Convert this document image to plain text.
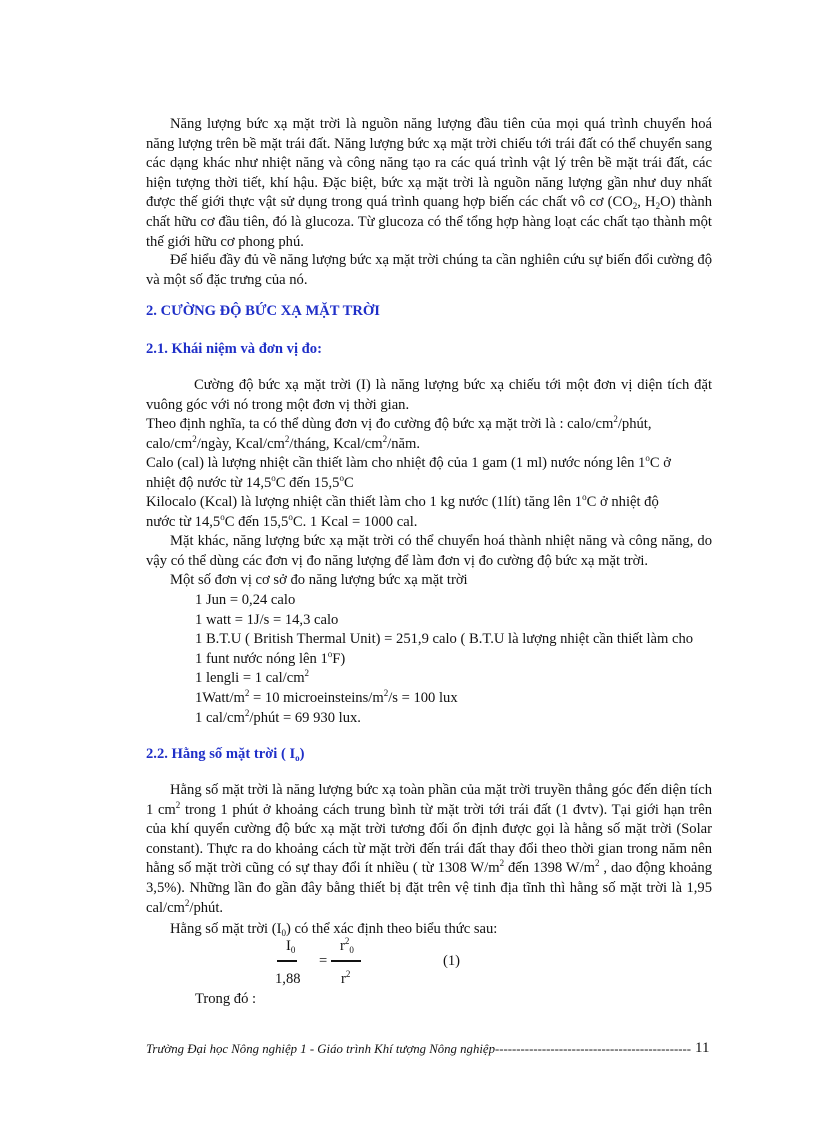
Năng lượng bức xạ mặt trời là nguồn năng lượng đầu tiên của mọi quá trình chuyển hoá năng lượng trên bề mặt trái đất. Năng lượng bức xạ mặt trời chiếu tới trái đất có thể chuyển sang các dạng khác như nhiệt năng và công năng tạo ra các quá trình vật lý trên bề mặt trái đất, các hiện tượng thời tiết, khí hậu. Đặc biệt, bức xạ mặt trời là nguồn năng lượng gần như duy nhất được thế giới thực vật sử dụng trong quá trình quang hợp biến các chất vô cơ ($CO_2$, $H_2O$) thành chất hữu cơ đầu tiên, đó là glucoza. Từ glucoza có thể tổng hợp hàng loạt các chất tạo thành một thế giới hữu cơ phong phú.

Để hiểu đầy đủ về năng lượng bức xạ mặt trời chúng ta cần nghiên cứu sự biến đổi cường độ và một số đặc trưng của nó.

2. CƯỜNG ĐỘ BỨC XẠ MẶT TRỜI

2.1. Khái niệm và đơn vị đo:

Cường độ bức xạ mặt trời (I) là năng lượng bức xạ chiếu tới một đơn vị diện tích đặt vuông góc với nó trong một đơn vị thời gian.

Theo định nghĩa, ta có thể dùng đơn vị đo cường độ bức xạ mặt trời là : calo/$cm^2$/phút,
calo/$cm^2$/ngày, Kcal/$cm^2$/tháng, Kcal/$cm^2$/năm.

Calo (cal) là lượng nhiệt cần thiết làm cho nhiệt độ của 1 gam (1 ml) nước nóng lên 1$^o$C ở
nhiệt độ nước từ 14,5$^o$C đến 15,5$^o$C

Kilocalo (Kcal) là lượng nhiệt cần thiết làm cho 1 kg nước (1lít) tăng lên 1$^o$C ở nhiệt độ
nước từ 14,5$^o$C đến 15,5$^o$C. 1 Kcal = 1000 cal.

Mặt khác, năng lượng bức xạ mặt trời có thể chuyển hoá thành nhiệt năng và công năng, do vậy có thể dùng các đơn vị đo năng lượng để làm đơn vị đo cường độ bức xạ mặt trời.

Một số đơn vị cơ sở đo năng lượng bức xạ mặt trời

1 Jun = 0,24 calo

1 watt = 1J/s = 14,3 calo

1 B.T.U ( British Thermal Unit) = 251,9 calo ( B.T.U là lượng nhiệt cần thiết làm cho

1 funt nước nóng lên 1$^o$F)

1 lengli = 1 cal/$cm^2$

$1Watt/m^2 = 10$ microeinsteins/$m^2/s = 100$ lux

1 cal/$cm^2$/phút = 69 930 lux.

2.2. Hằng số mặt trời ( $I_o$)

Hằng số mặt trời là năng lượng bức xạ toàn phần của mặt trời truyền thẳng góc đến diện tích 1 $cm^2$ trong 1 phút ở khoảng cách trung bình từ mặt trời tới trái đất (1 đvtv). Tại giới hạn trên của khí quyển cường độ bức xạ mặt trời tương đối ổn định được gọi là hằng số mặt trời (Solar constant). Thực ra do khoảng cách từ mặt trời đến trái đất thay đổi theo thời gian trong năm nên hằng số mặt trời cũng có sự thay đổi ít nhiều ( từ 1308 $W/m^2$ đến 1398 $W/m^2$ , dao động khoảng 3,5%). Những lần đo gần đây bằng thiết bị đặt trên vệ tinh địa tĩnh thì hằng số mặt trời là 1,95 cal/$cm^2$/phút.

Hằng số mặt trời $(I_0)$ có thể xác định theo biểu thức sau:

$I_0$
1,88
=
$r^2_0$
$r^2$
(1)

Trong đó :

Trường Đại học Nông nghiệp 1 - Giáo trình Khí tượng Nông nghiệp---------------------------------------------- 11
